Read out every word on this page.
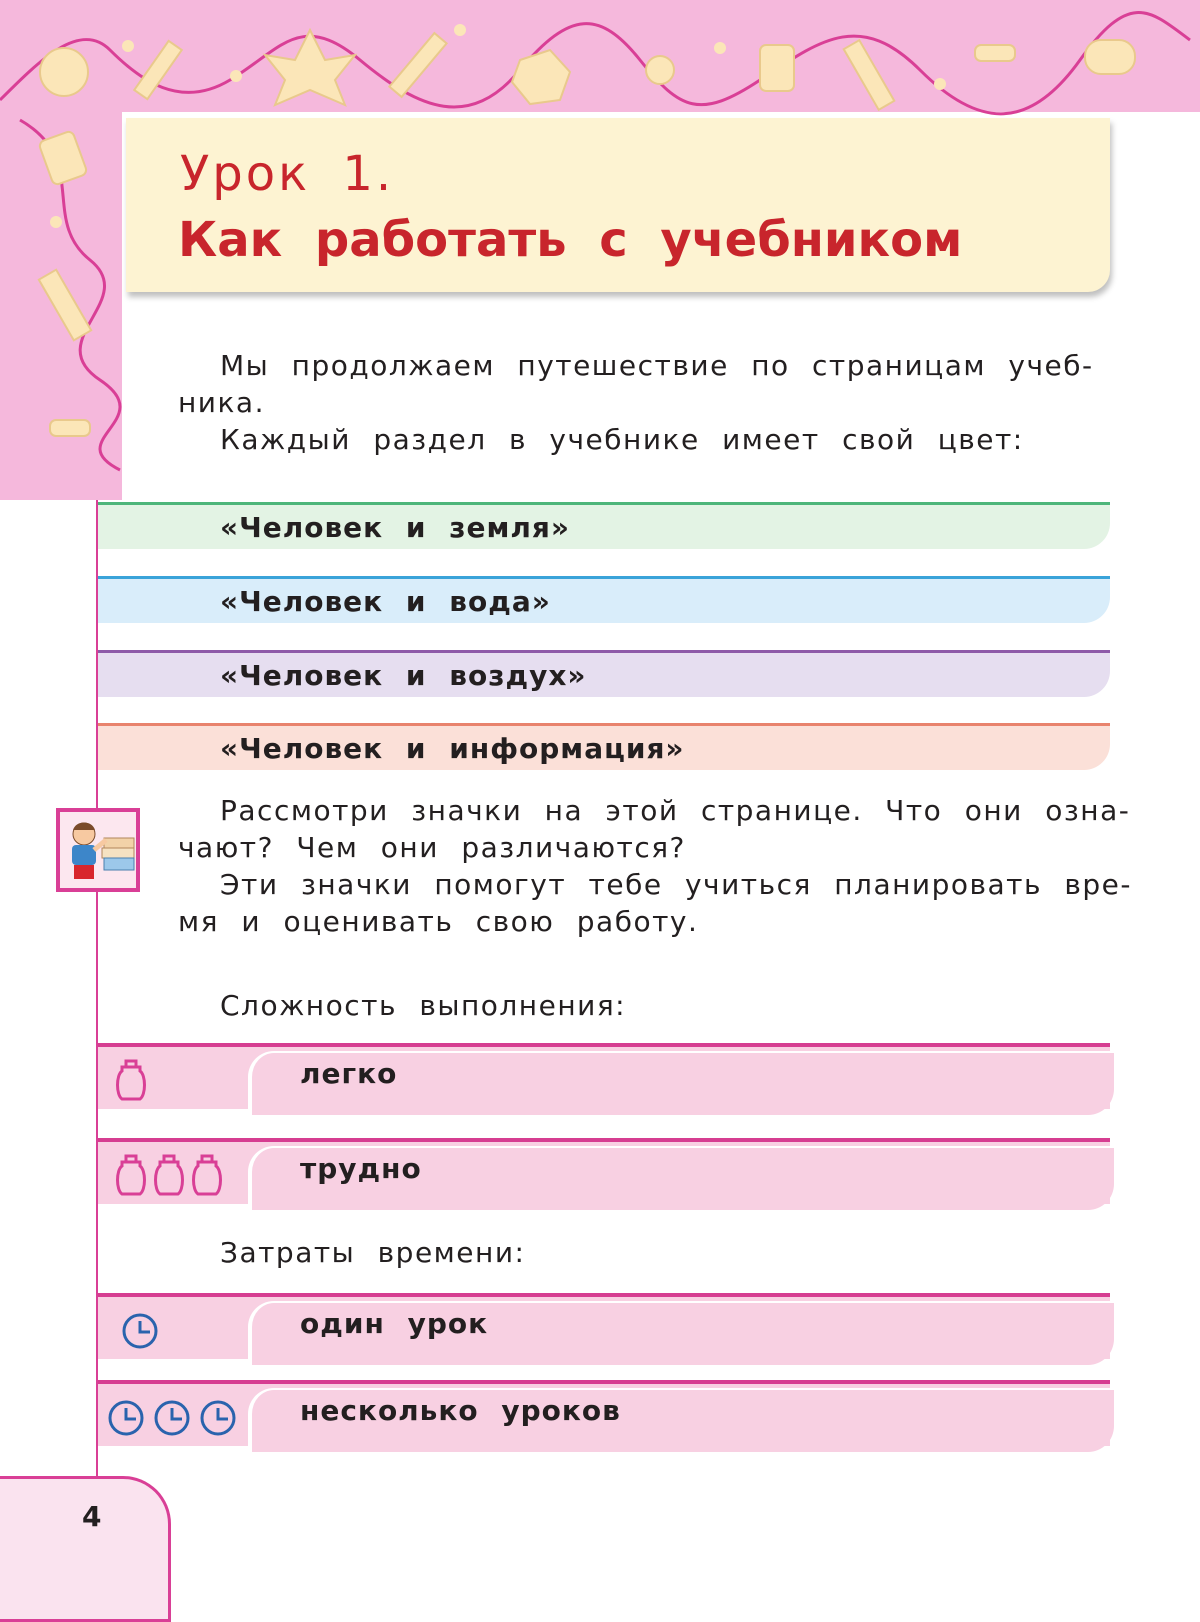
Урок 1.
Как работать с учебником
Мы продолжаем путешествие по страницам учеб-
ника.
Каждый раздел в учебнике имеет свой цвет:
«Человек и земля»
«Человек и вода»
«Человек и воздух»
«Человек и информация»
Рассмотри значки на этой странице. Что они озна-
чают? Чем они различаются?
Эти значки помогут тебе учиться планировать вре-
мя и оценивать свою работу.
Сложность выполнения:
легко
трудно
Затраты времени:
один урок
несколько уроков
4
